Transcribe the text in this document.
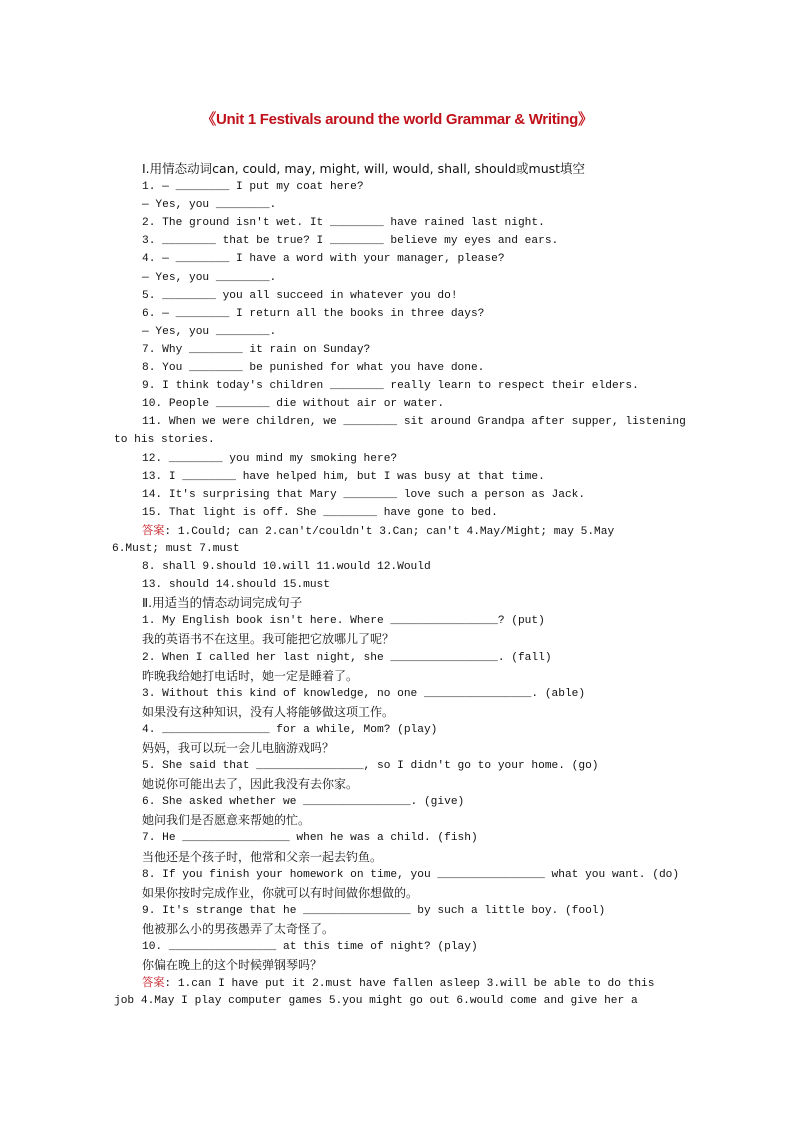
《Unit 1 Festivals around the world Grammar & Writing》
Ⅰ.用情态动词can, could, may, might, will, would, shall, should或must填空
1. — ________ I put my coat here?
— Yes, you ________.
2. The ground isn't wet. It ________ have rained last night.
3. ________ that be true? I ________ believe my eyes and ears.
4. — ________ I have a word with your manager, please?
— Yes, you ________.
5. ________ you all succeed in whatever you do!
6. — ________ I return all the books in three days?
— Yes, you ________.
7. Why ________ it rain on Sunday?
8. You ________ be punished for what you have done.
9. I think today's children ________ really learn to respect their elders.
10. People ________ die without air or water.
11. When we were children, we ________ sit around Grandpa after supper, listening
to his stories.
12. ________ you mind my smoking here?
13. I ________ have helped him, but I was busy at that time.
14. It's surprising that Mary ________ love such a person as Jack.
15. That light is off. She ________ have gone to bed.
答案: 1.Could; can 2.can't/couldn't 3.Can; can't 4.May/Might; may 5.May
6.Must; must 7.must
8. shall 9.should 10.will 11.would 12.Would
13. should 14.should 15.must
Ⅱ.用适当的情态动词完成句子
1. My English book isn't here. Where ________________? (put)
我的英语书不在这里。我可能把它放哪儿了呢？
2. When I called her last night, she ________________. (fall)
昨晚我给她打电话时，她一定是睡着了。
3. Without this kind of knowledge, no one ________________. (able)
如果没有这种知识，没有人将能够做这项工作。
4. ________________ for a while, Mom? (play)
妈妈，我可以玩一会儿电脑游戏吗？
5. She said that ________________, so I didn't go to your home. (go)
她说你可能出去了，因此我没有去你家。
6. She asked whether we ________________. (give)
她问我们是否愿意来帮她的忙。
7. He ________________ when he was a child. (fish)
当他还是个孩子时，他常和父亲一起去钓鱼。
8. If you finish your homework on time, you ________________ what you want. (do)
如果你按时完成作业，你就可以有时间做你想做的。
9. It's strange that he ________________ by such a little boy. (fool)
他被那么小的男孩愚弄了太奇怪了。
10. ________________ at this time of night? (play)
你偏在晚上的这个时候弹钢琴吗？
答案: 1.can I have put it 2.must have fallen asleep 3.will be able to do this
job 4.May I play computer games 5.you might go out 6.would come and give her a
